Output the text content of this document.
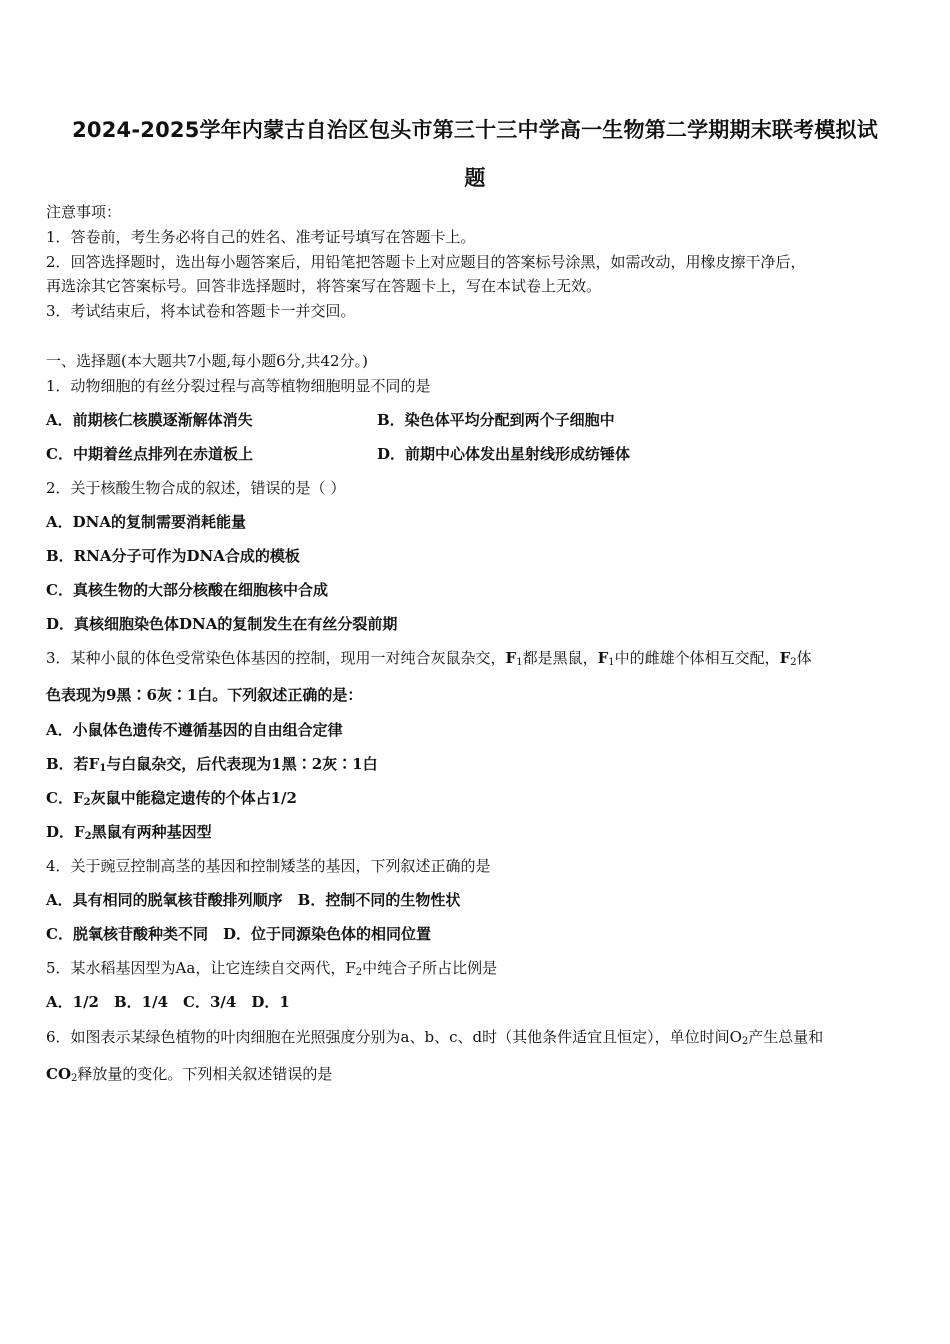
2024-2025学年内蒙古自治区包头市第三十三中学高一生物第二学期期末联考模拟试
题
注意事项：
1．答卷前，考生务必将自己的姓名、准考证号填写在答题卡上。
2．回答选择题时，选出每小题答案后，用铅笔把答题卡上对应题目的答案标号涂黑，如需改动，用橡皮擦干净后，
再选涂其它答案标号。回答非选择题时，将答案写在答题卡上，写在本试卷上无效。
3．考试结束后，将本试卷和答题卡一并交回。
一、选择题(本大题共7小题,每小题6分,共42分。)
1．动物细胞的有丝分裂过程与高等植物细胞明显不同的是
A．前期核仁核膜逐渐解体消失	B．染色体平均分配到两个子细胞中
C．中期着丝点排列在赤道板上	D．前期中心体发出星射线形成纺锤体
2．关于核酸生物合成的叙述，错误的是（ ）
A．DNA的复制需要消耗能量
B．RNA分子可作为DNA合成的模板
C．真核生物的大部分核酸在细胞核中合成
D．真核细胞染色体DNA的复制发生在有丝分裂前期
3．某种小鼠的体色受常染色体基因的控制，现用一对纯合灰鼠杂交，$F_1$都是黑鼠，$F_1$中的雌雄个体相互交配，$F_2$体
色表现为9黑∶6灰∶1白。下列叙述正确的是：
A．小鼠体色遗传不遵循基因的自由组合定律
B．若$F_1$与白鼠杂交，后代表现为1黑∶2灰∶1白
C．$F_2$灰鼠中能稳定遗传的个体占1/2
D．$F_2$黑鼠有两种基因型
4．关于豌豆控制高茎的基因和控制矮茎的基因，下列叙述正确的是
A．具有相同的脱氧核苷酸排列顺序　B．控制不同的生物性状
C．脱氧核苷酸种类不同　D．位于同源染色体的相同位置
5．某水稻基因型为Aa，让它连续自交两代，$F_2$中纯合子所占比例是
A．1/2　B．1/4　C．3/4　D．1
6．如图表示某绿色植物的叶肉细胞在光照强度分别为a、b、c、d时（其他条件适宜且恒定），单位时间$O_2$产生总量和
$CO_2$释放量的变化。下列相关叙述错误的是
